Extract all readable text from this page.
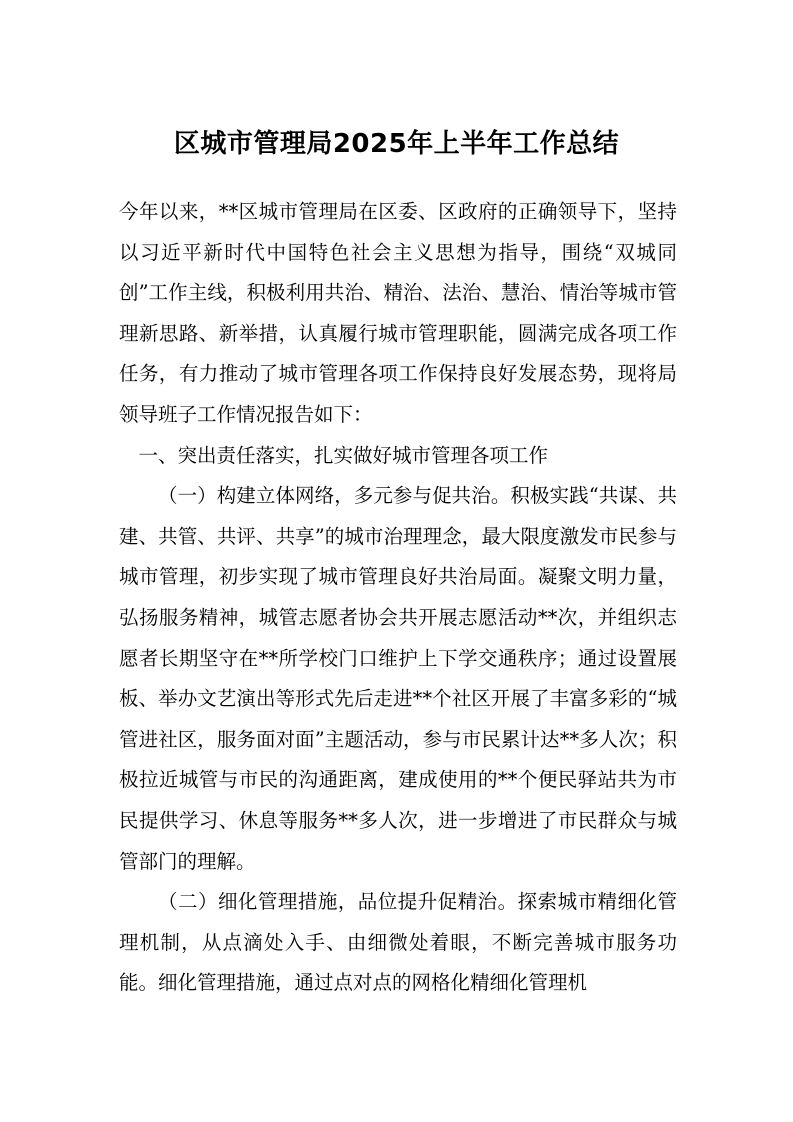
区城市管理局2025年上半年工作总结

今年以来，**区城市管理局在区委、区政府的正确领导下，坚持以习近平新时代中国特色社会主义思想为指导，围绕“双城同创”工作主线，积极利用共治、精治、法治、慧治、情治等城市管理新思路、新举措，认真履行城市管理职能，圆满完成各项工作任务，有力推动了城市管理各项工作保持良好发展态势，现将局领导班子工作情况报告如下：

一、突出责任落实，扎实做好城市管理各项工作

（一）构建立体网络，多元参与促共治。积极实践“共谋、共建、共管、共评、共享”的城市治理理念，最大限度激发市民参与城市管理，初步实现了城市管理良好共治局面。凝聚文明力量，弘扬服务精神，城管志愿者协会共开展志愿活动**次，并组织志愿者长期坚守在**所学校门口维护上下学交通秩序；通过设置展板、举办文艺演出等形式先后走进**个社区开展了丰富多彩的“城管进社区，服务面对面”主题活动，参与市民累计达**多人次；积极拉近城管与市民的沟通距离，建成使用的**个便民驿站共为市民提供学习、休息等服务**多人次，进一步增进了市民群众与城管部门的理解。

（二）细化管理措施，品位提升促精治。探索城市精细化管理机制，从点滴处入手、由细微处着眼，不断完善城市服务功能。细化管理措施，通过点对点的网格化精细化管理机
